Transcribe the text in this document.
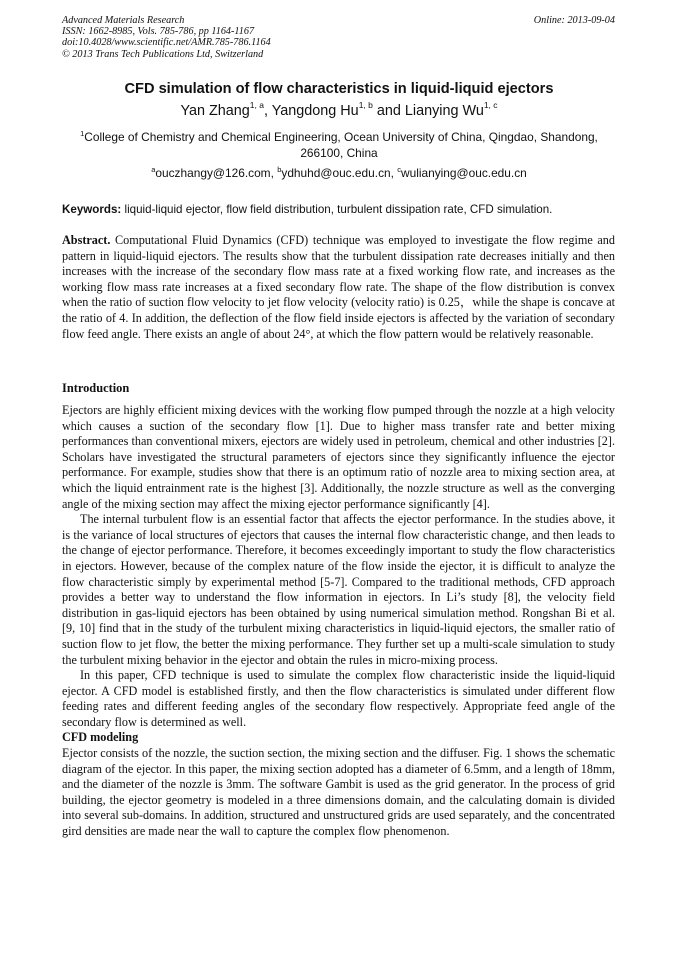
Advanced Materials Research
ISSN: 1662-8985, Vols. 785-786, pp 1164-1167
doi:10.4028/www.scientific.net/AMR.785-786.1164
© 2013 Trans Tech Publications Ltd, Switzerland
Online: 2013-09-04
CFD simulation of flow characteristics in liquid-liquid ejectors
Yan Zhang$^{1, a}$, Yangdong Hu$^{1, b}$ and Lianying Wu$^{1, c}$
$^1$College of Chemistry and Chemical Engineering, Ocean University of China, Qingdao, Shandong, 266100, China
$^a$ouczhangy@126.com, $^b$ydhuhd@ouc.edu.cn, $^c$wulianying@ouc.edu.cn
Keywords: liquid-liquid ejector, flow field distribution, turbulent dissipation rate, CFD simulation.

Abstract. Computational Fluid Dynamics (CFD) technique was employed to investigate the flow regime and pattern in liquid-liquid ejectors. The results show that the turbulent dissipation rate decreases initially and then increases with the increase of the secondary flow mass rate at a fixed working flow rate, and increases as the working flow mass rate increases at a fixed secondary flow rate. The shape of the flow distribution is convex when the ratio of suction flow velocity to jet flow velocity (velocity ratio) is 0.25，while the shape is concave at the ratio of 4. In addition, the deflection of the flow field inside ejectors is affected by the variation of secondary flow feed angle. There exists an angle of about 24°, at which the flow pattern would be relatively reasonable.

Introduction

Ejectors are highly efficient mixing devices with the working flow pumped through the nozzle at a high velocity which causes a suction of the secondary flow [1]. Due to higher mass transfer rate and better mixing performances than conventional mixers, ejectors are widely used in petroleum, chemical and other industries [2]. Scholars have investigated the structural parameters of ejectors since they significantly influence the ejector performance. For example, studies show that there is an optimum ratio of nozzle area to mixing section area, at which the liquid entrainment rate is the highest [3]. Additionally, the nozzle structure as well as the converging angle of the mixing section may affect the mixing ejector performance significantly [4].

The internal turbulent flow is an essential factor that affects the ejector performance. In the studies above, it is the variance of local structures of ejectors that causes the internal flow characteristic change, and then leads to the change of ejector performance. Therefore, it becomes exceedingly important to study the flow characteristics in ejectors. However, because of the complex nature of the flow inside the ejector, it is difficult to analyze the flow characteristic simply by experimental method [5-7]. Compared to the traditional methods, CFD approach provides a better way to understand the flow information in ejectors. In Li’s study [8], the velocity field distribution in gas-liquid ejectors has been obtained by using numerical simulation method. Rongshan Bi et al. [9, 10] find that in the study of the turbulent mixing characteristics in liquid-liquid ejectors, the smaller ratio of suction flow to jet flow, the better the mixing performance. They further set up a multi-scale simulation to study the turbulent mixing behavior in the ejector and obtain the rules in micro-mixing process.

In this paper, CFD technique is used to simulate the complex flow characteristic inside the liquid-liquid ejector. A CFD model is established firstly, and then the flow characteristics is simulated under different flow feeding rates and different feeding angles of the secondary flow respectively. Appropriate feed angle of the secondary flow is determined as well.

CFD modeling

Ejector consists of the nozzle, the suction section, the mixing section and the diffuser. Fig. 1 shows the schematic diagram of the ejector. In this paper, the mixing section adopted has a diameter of 6.5mm, and a length of 18mm, and the diameter of the nozzle is 3mm. The software Gambit is used as the grid generator. In the process of grid building, the ejector geometry is modeled in a three dimensions domain, and the calculating domain is divided into several sub-domains. In addition, structured and unstructured grids are used separately, and the concentrated gird densities are made near the wall to capture the complex flow phenomenon.
